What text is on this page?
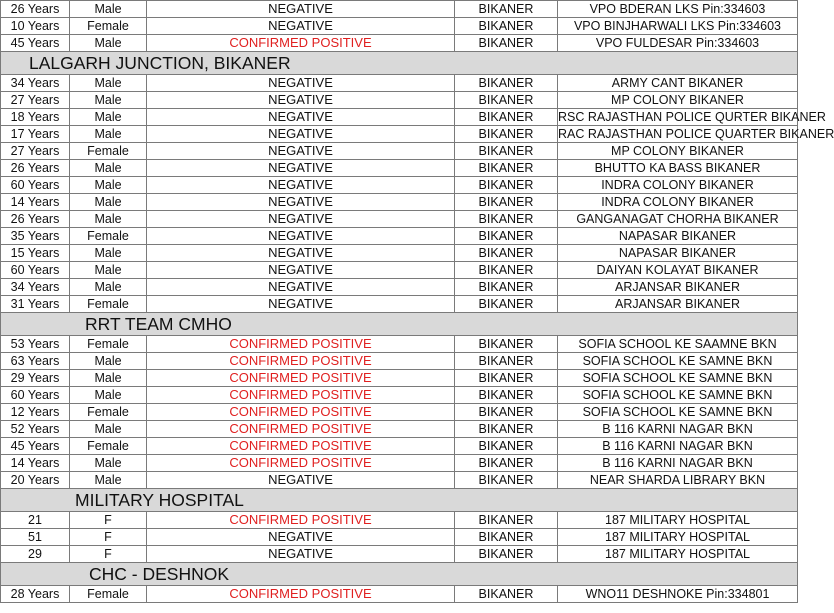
26 Years	Male	NEGATIVE	BIKANER	VPO BDERAN LKS Pin:334603
10 Years	Female	NEGATIVE	BIKANER	VPO BINJHARWALI LKS Pin:334603
45 Years	Male	CONFIRMED POSITIVE	BIKANER	VPO FULDESAR Pin:334603
LALGARH JUNCTION, BIKANER				
34 Years	Male	NEGATIVE	BIKANER	ARMY CANT BIKANER
27 Years	Male	NEGATIVE	BIKANER	MP COLONY BIKANER
18 Years	Male	NEGATIVE	BIKANER	RSC RAJASTHAN POLICE QURTER BIKANER
17 Years	Male	NEGATIVE	BIKANER	RAC RAJASTHAN POLICE QUARTER BIKANER
27 Years	Female	NEGATIVE	BIKANER	MP COLONY BIKANER
26 Years	Male	NEGATIVE	BIKANER	BHUTTO KA BASS BIKANER
60 Years	Male	NEGATIVE	BIKANER	INDRA COLONY BIKANER
14 Years	Male	NEGATIVE	BIKANER	INDRA COLONY BIKANER
26 Years	Male	NEGATIVE	BIKANER	GANGANAGAT CHORHA BIKANER
35 Years	Female	NEGATIVE	BIKANER	NAPASAR BIKANER
15 Years	Male	NEGATIVE	BIKANER	NAPASAR BIKANER
60 Years	Male	NEGATIVE	BIKANER	DAIYAN KOLAYAT BIKANER
34 Years	Male	NEGATIVE	BIKANER	ARJANSAR BIKANER
31 Years	Female	NEGATIVE	BIKANER	ARJANSAR BIKANER
RRT TEAM CMHO				
53 Years	Female	CONFIRMED POSITIVE	BIKANER	SOFIA SCHOOL KE SAAMNE BKN
63 Years	Male	CONFIRMED POSITIVE	BIKANER	SOFIA SCHOOL KE SAMNE BKN
29 Years	Male	CONFIRMED POSITIVE	BIKANER	SOFIA SCHOOL KE SAMNE BKN
60 Years	Male	CONFIRMED POSITIVE	BIKANER	SOFIA SCHOOL KE SAMNE BKN
12 Years	Female	CONFIRMED POSITIVE	BIKANER	SOFIA SCHOOL KE SAMNE BKN
52 Years	Male	CONFIRMED POSITIVE	BIKANER	B 116 KARNI NAGAR BKN
45 Years	Female	CONFIRMED POSITIVE	BIKANER	B 116 KARNI NAGAR BKN
14 Years	Male	CONFIRMED POSITIVE	BIKANER	B 116 KARNI NAGAR BKN
20 Years	Male	NEGATIVE	BIKANER	NEAR SHARDA LIBRARY BKN
MILITARY HOSPITAL				
21	F	CONFIRMED POSITIVE	BIKANER	187 MILITARY HOSPITAL
51	F	NEGATIVE	BIKANER	187 MILITARY HOSPITAL
29	F	NEGATIVE	BIKANER	187 MILITARY HOSPITAL
CHC - DESHNOK				
28 Years	Female	CONFIRMED POSITIVE	BIKANER	WNO11 DESHNOKE Pin:334801
